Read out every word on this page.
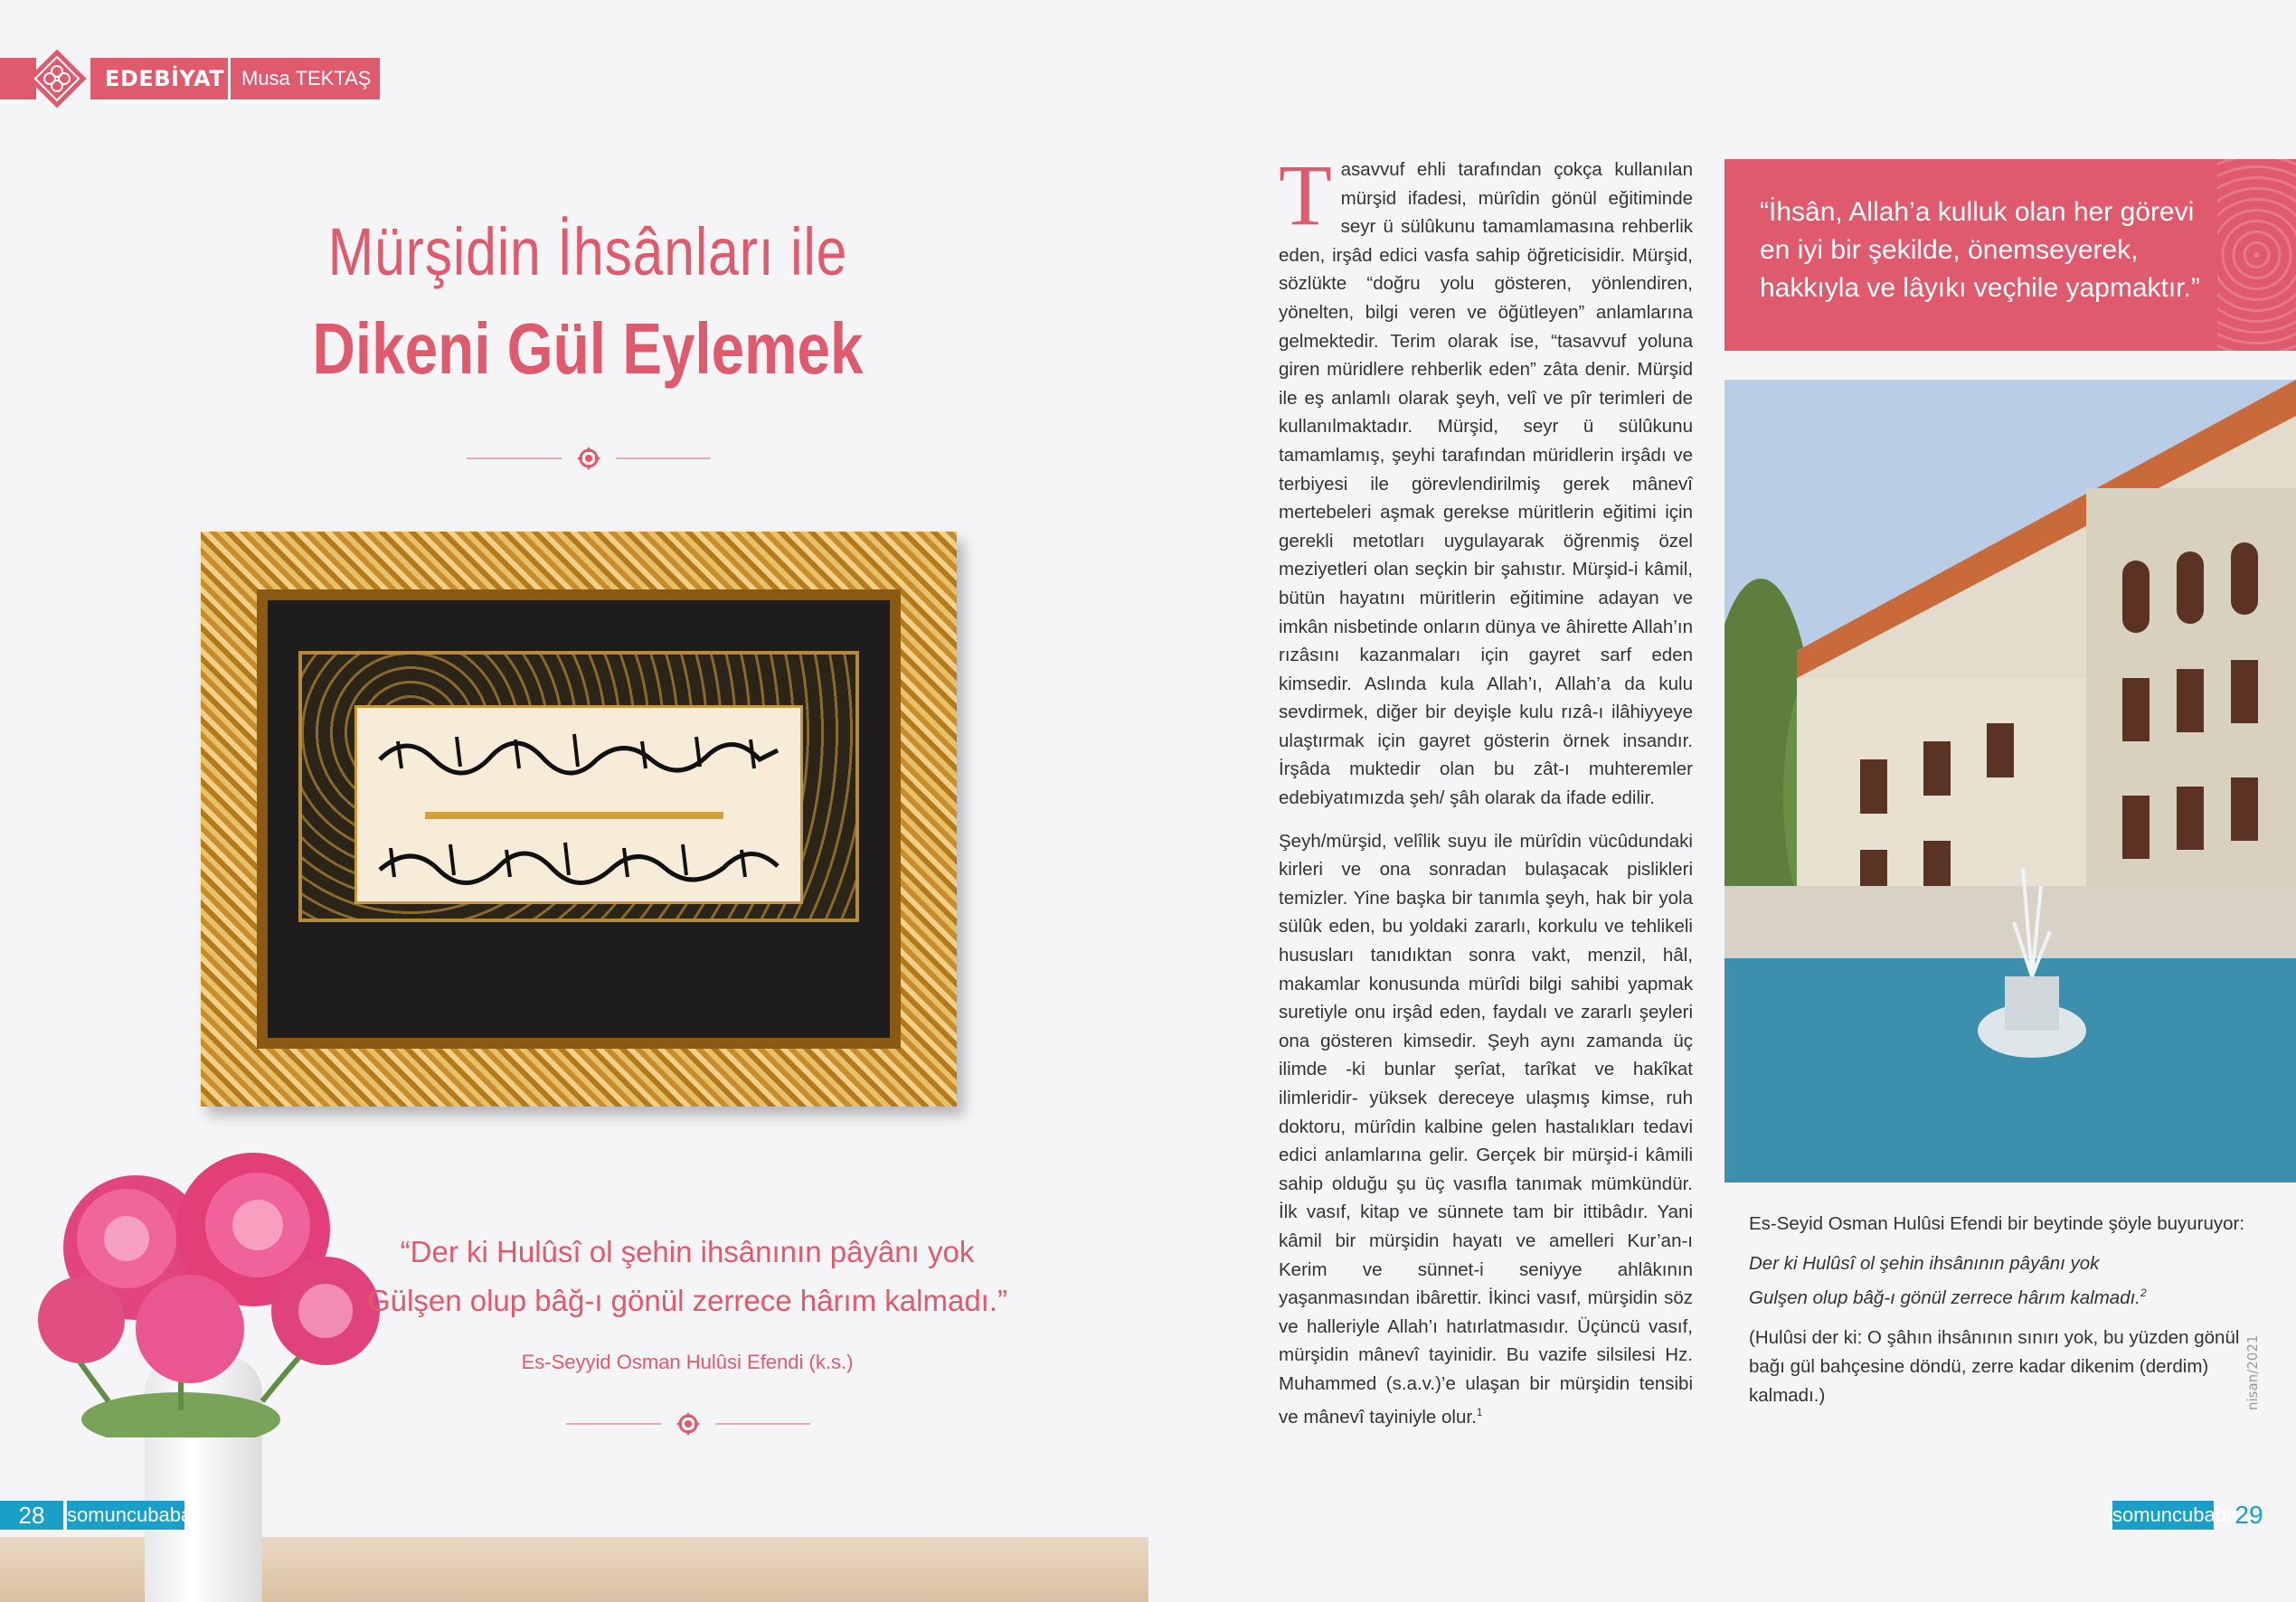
EDEBİYAT Musa TEKTAŞ
Mürşidin İhsânları ile
Dikeni Gül Eylemek
“Der ki Hulûsî ol şehin ihsânının pâyânı yok
Gülşen olup bâğ-ı gönül zerrece hârım kalmadı.”
Es-Seyyid Osman Hulûsi Efendi (k.s.)
28	somuncubaba

Tasavvuf ehli tarafından çokça kullanılan mürşid ifadesi, mürîdin gönül eğitiminde seyr ü sülûkunu tamamlamasına rehberlik eden, irşâd edici vasfa sahip öğreticisidir. Mürşid, sözlükte “doğru yolu gösteren, yönlendiren, yönelten, bilgi veren ve öğütleyen” anlamlarına gelmektedir. Terim olarak ise, “tasavvuf yoluna giren müridlere rehberlik eden” zâta denir. Mürşid ile eş anlamlı olarak şeyh, velî ve pîr terimleri de kullanılmaktadır. Mürşid, seyr ü sülûkunu tamamlamış, şeyhi tarafından müridlerin irşâdı ve terbiyesi ile görevlendirilmiş gerek mânevî mertebeleri aşmak gerekse müritlerin eğitimi için gerekli metotları uygulayarak öğrenmiş özel meziyetleri olan seçkin bir şahıstır. Mürşid-i kâmil, bütün hayatını müritlerin eğitimine adayan ve imkân nisbetinde onların dünya ve âhirette Allah’ın rızâsını kazanmaları için gayret sarf eden kimsedir. Aslında kula Allah’ı, Allah’a da kulu sevdirmek, diğer bir deyişle kulu rızâ-ı ilâhiyyeye ulaştırmak için gayret gösterin örnek insandır. İrşâda muktedir olan bu zât-ı muhteremler edebiyatımızda şeh/ şâh olarak da ifade edilir.

Şeyh/mürşid, velîlik suyu ile mürîdin vücûdundaki kirleri ve ona sonradan bulaşacak pislikleri temizler. Yine başka bir tanımla şeyh, hak bir yola sülûk eden, bu yoldaki zararlı, korkulu ve tehlikeli hususları tanıdıktan sonra vakt, menzil, hâl, makamlar konusunda mürîdi bilgi sahibi yapmak suretiyle onu irşâd eden, faydalı ve zararlı şeyleri ona gösteren kimsedir. Şeyh aynı zamanda üç ilimde -ki bunlar şerîat, tarîkat ve hakîkat ilimleridir- yüksek dereceye ulaşmış kimse, ruh doktoru, mürîdin kalbine gelen hastalıkları tedavi edici anlamlarına gelir. Gerçek bir mürşid-i kâmili sahip olduğu şu üç vasıfla tanımak mümkündür. İlk vasıf, kitap ve sünnete tam bir ittibâdır. Yani kâmil bir mürşidin hayatı ve amelleri Kur’an-ı Kerim ve sünnet-i seniyye ahlâkının yaşanmasından ibârettir. İkinci vasıf, mürşidin söz ve halleriyle Allah’ı hatırlatmasıdır. Üçüncü vasıf, mürşidin mânevî tayinidir. Bu vazife silsilesi Hz. Muhammed (s.a.v.)’e ulaşan bir mürşidin tensibi ve mânevî tayiniyle olur.$^1$

“İhsân, Allah’a kulluk olan her görevi
en iyi bir şekilde, önemseyerek,
hakkıyla ve lâyıkı veçhile yapmaktır.”

Es-Seyid Osman Hulûsi Efendi bir beytinde şöyle buyuruyor:

Der ki Hulûsî ol şehin ihsânının pâyânı yok
Gulşen olup bâğ-ı gönül zerrece hârım kalmadı.$^2$

(Hulûsi der ki: O şâhın ihsânının sınırı yok, bu yüzden gönül bağı gül bahçesine döndü, zerre kadar dikenim (derdim) kalmadı.)	nisan/2021
somuncubaba
29
